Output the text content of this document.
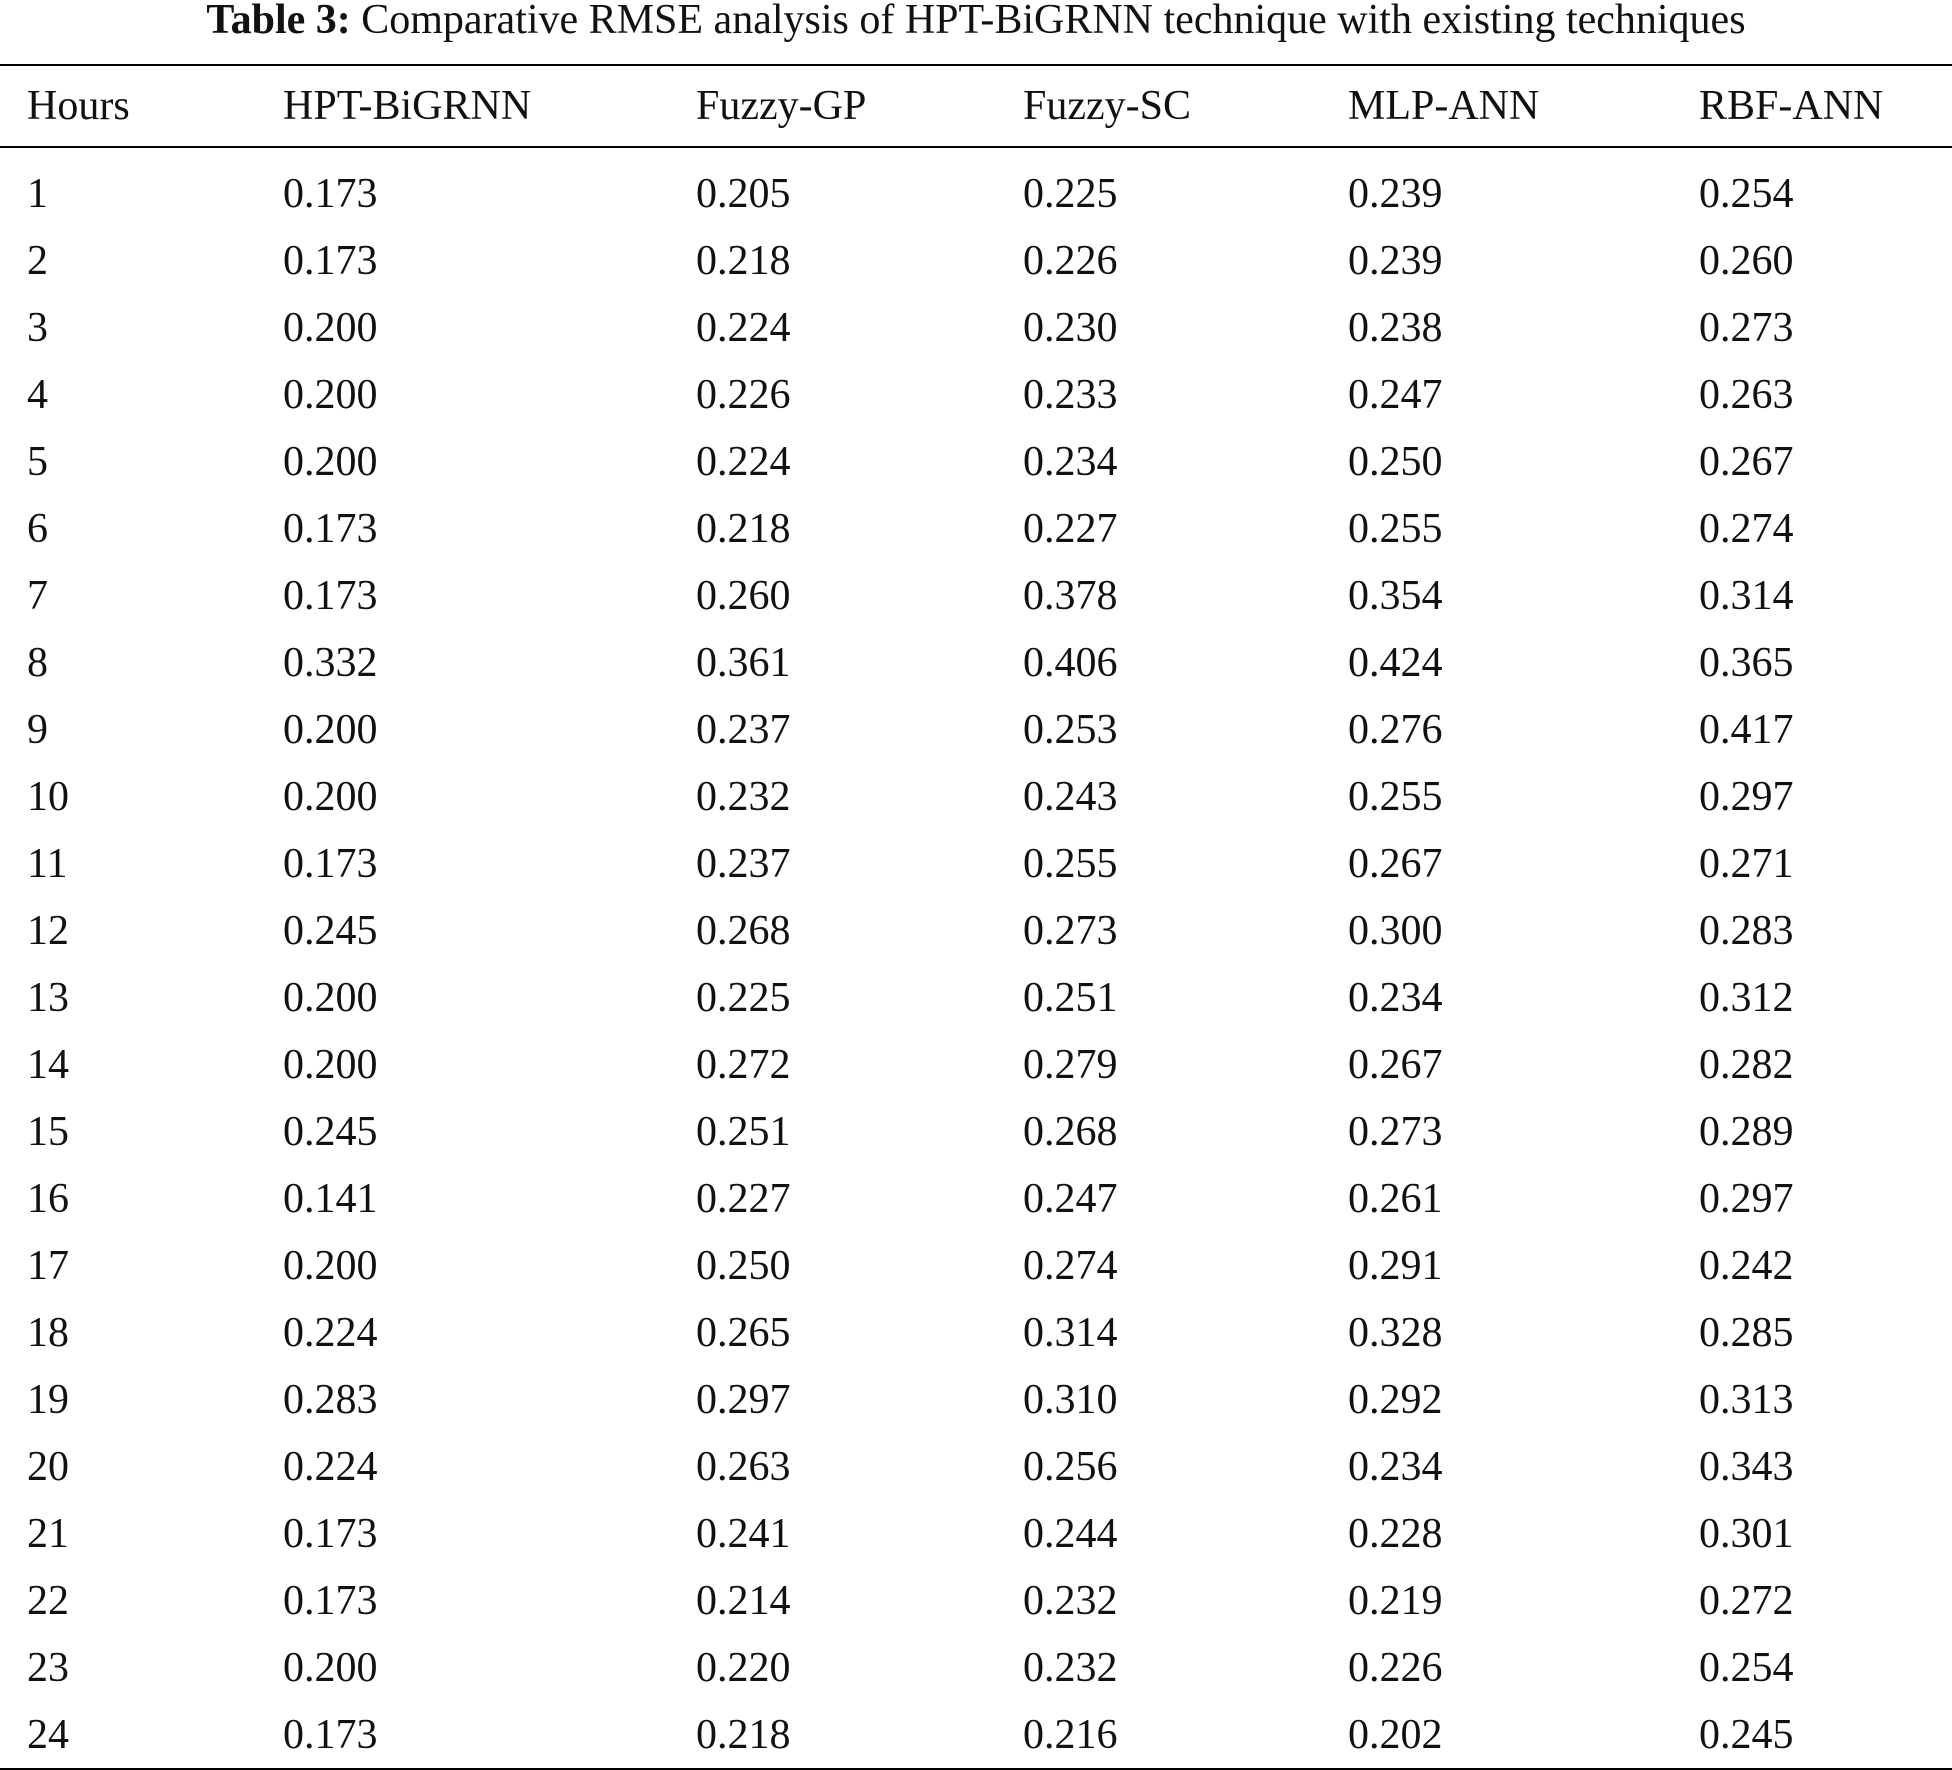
Table 3: Comparative RMSE analysis of HPT-BiGRNN technique with existing techniques
Hours	HPT-BiGRNN	Fuzzy-GP	Fuzzy-SC	MLP-ANN	RBF-ANN
1	0.173	0.205	0.225	0.239	0.254
2	0.173	0.218	0.226	0.239	0.260
3	0.200	0.224	0.230	0.238	0.273
4	0.200	0.226	0.233	0.247	0.263
5	0.200	0.224	0.234	0.250	0.267
6	0.173	0.218	0.227	0.255	0.274
7	0.173	0.260	0.378	0.354	0.314
8	0.332	0.361	0.406	0.424	0.365
9	0.200	0.237	0.253	0.276	0.417
10	0.200	0.232	0.243	0.255	0.297
11	0.173	0.237	0.255	0.267	0.271
12	0.245	0.268	0.273	0.300	0.283
13	0.200	0.225	0.251	0.234	0.312
14	0.200	0.272	0.279	0.267	0.282
15	0.245	0.251	0.268	0.273	0.289
16	0.141	0.227	0.247	0.261	0.297
17	0.200	0.250	0.274	0.291	0.242
18	0.224	0.265	0.314	0.328	0.285
19	0.283	0.297	0.310	0.292	0.313
20	0.224	0.263	0.256	0.234	0.343
21	0.173	0.241	0.244	0.228	0.301
22	0.173	0.214	0.232	0.219	0.272
23	0.200	0.220	0.232	0.226	0.254
24	0.173	0.218	0.216	0.202	0.245
